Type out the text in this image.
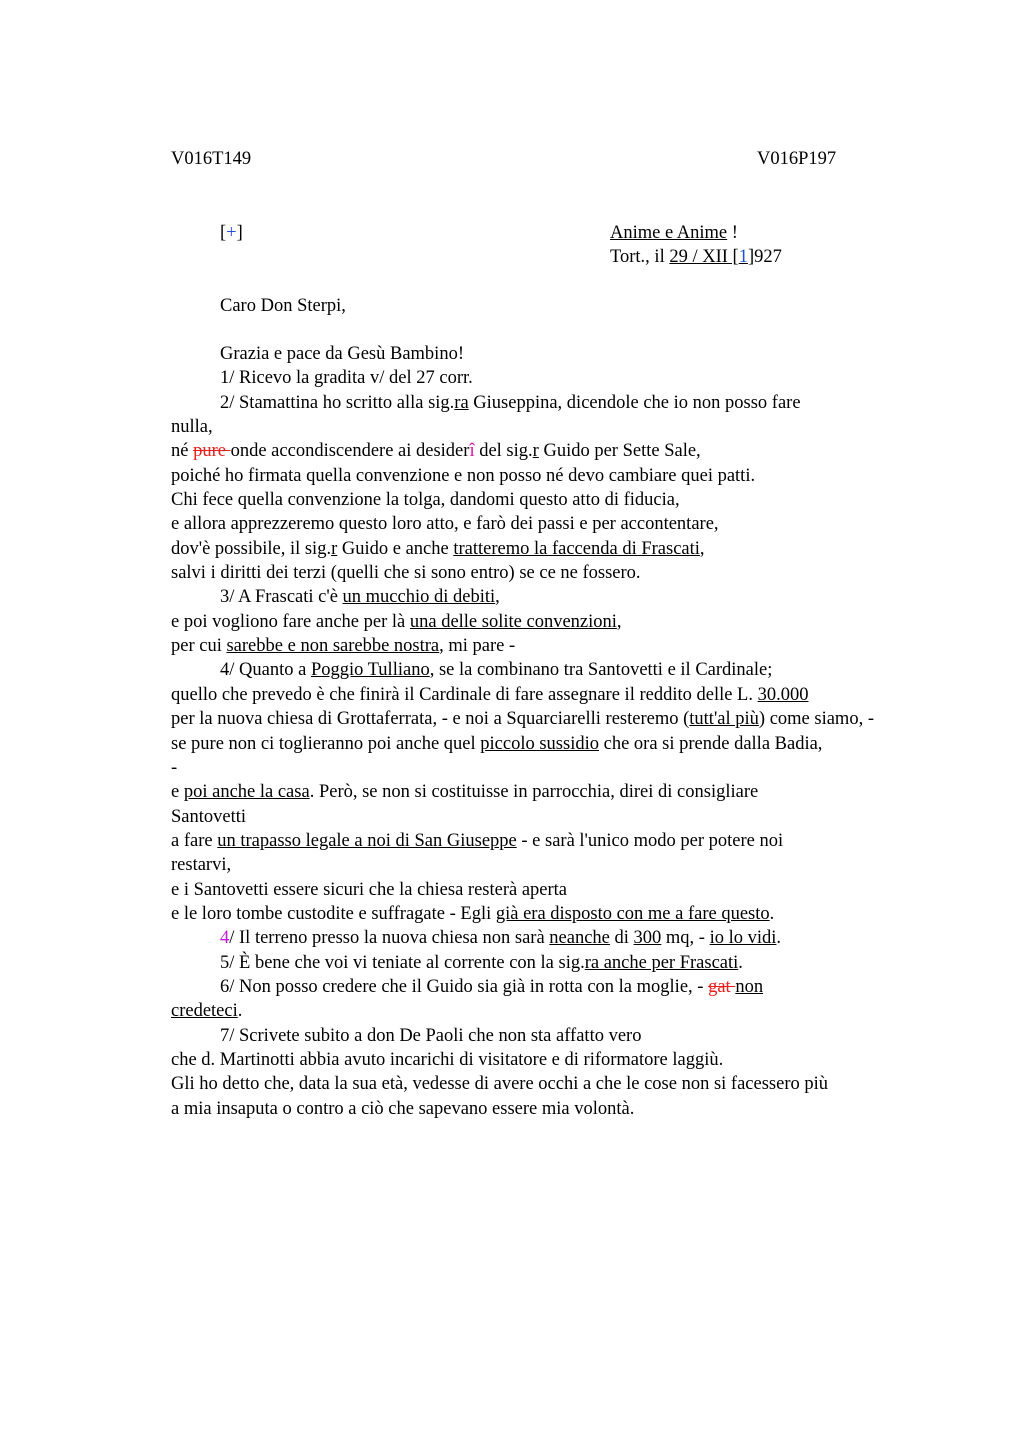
V016T149	V016P197
[+]	Anime e Anime !
Tort., il 29 / XII [1]927
Caro Don Sterpi,
Grazia e pace da Gesù Bambino!
1/ Ricevo la gradita v/ del 27 corr.
2/ Stamattina ho scritto alla sig.ra Giuseppina, dicendole che io non posso fare
nulla,
né pure onde accondiscendere ai desiderî del sig.r Guido per Sette Sale,
poiché ho firmata quella convenzione e non posso né devo cambiare quei patti.
Chi fece quella convenzione la tolga, dandomi questo atto di fiducia,
e allora apprezzeremo questo loro atto, e farò dei passi e per accontentare,
dov'è possibile, il sig.r Guido e anche tratteremo la faccenda di Frascati,
salvi i diritti dei terzi (quelli che si sono entro) se ce ne fossero.
3/ A Frascati c'è un mucchio di debiti,
e poi vogliono fare anche per là una delle solite convenzioni,
per cui sarebbe e non sarebbe nostra, mi pare -
4/ Quanto a Poggio Tulliano, se la combinano tra Santovetti e il Cardinale;
quello che prevedo è che finirà il Cardinale di fare assegnare il reddito delle L. 30.000
per la nuova chiesa di Grottaferrata, - e noi a Squarciarelli resteremo (tutt'al più) come siamo, -
se pure non ci toglieranno poi anche quel piccolo sussidio che ora si prende dalla Badia,
-
e poi anche la casa. Però, se non si costituisse in parrocchia, direi di consigliare
Santovetti
a fare un trapasso legale a noi di San Giuseppe - e sarà l'unico modo per potere noi
restarvi,
e i Santovetti essere sicuri che la chiesa resterà aperta
e le loro tombe custodite e suffragate - Egli già era disposto con me a fare questo.
4/ Il terreno presso la nuova chiesa non sarà neanche di 300 mq, - io lo vidi.
5/ È bene che voi vi teniate al corrente con la sig.ra anche per Frascati.
6/ Non posso credere che il Guido sia già in rotta con la moglie, - gat non
credeteci.
7/ Scrivete subito a don De Paoli che non sta affatto vero
che d. Martinotti abbia avuto incarichi di visitatore e di riformatore laggiù.
Gli ho detto che, data la sua età, vedesse di avere occhi a che le cose non si facessero più
a mia insaputa o contro a ciò che sapevano essere mia volontà.
